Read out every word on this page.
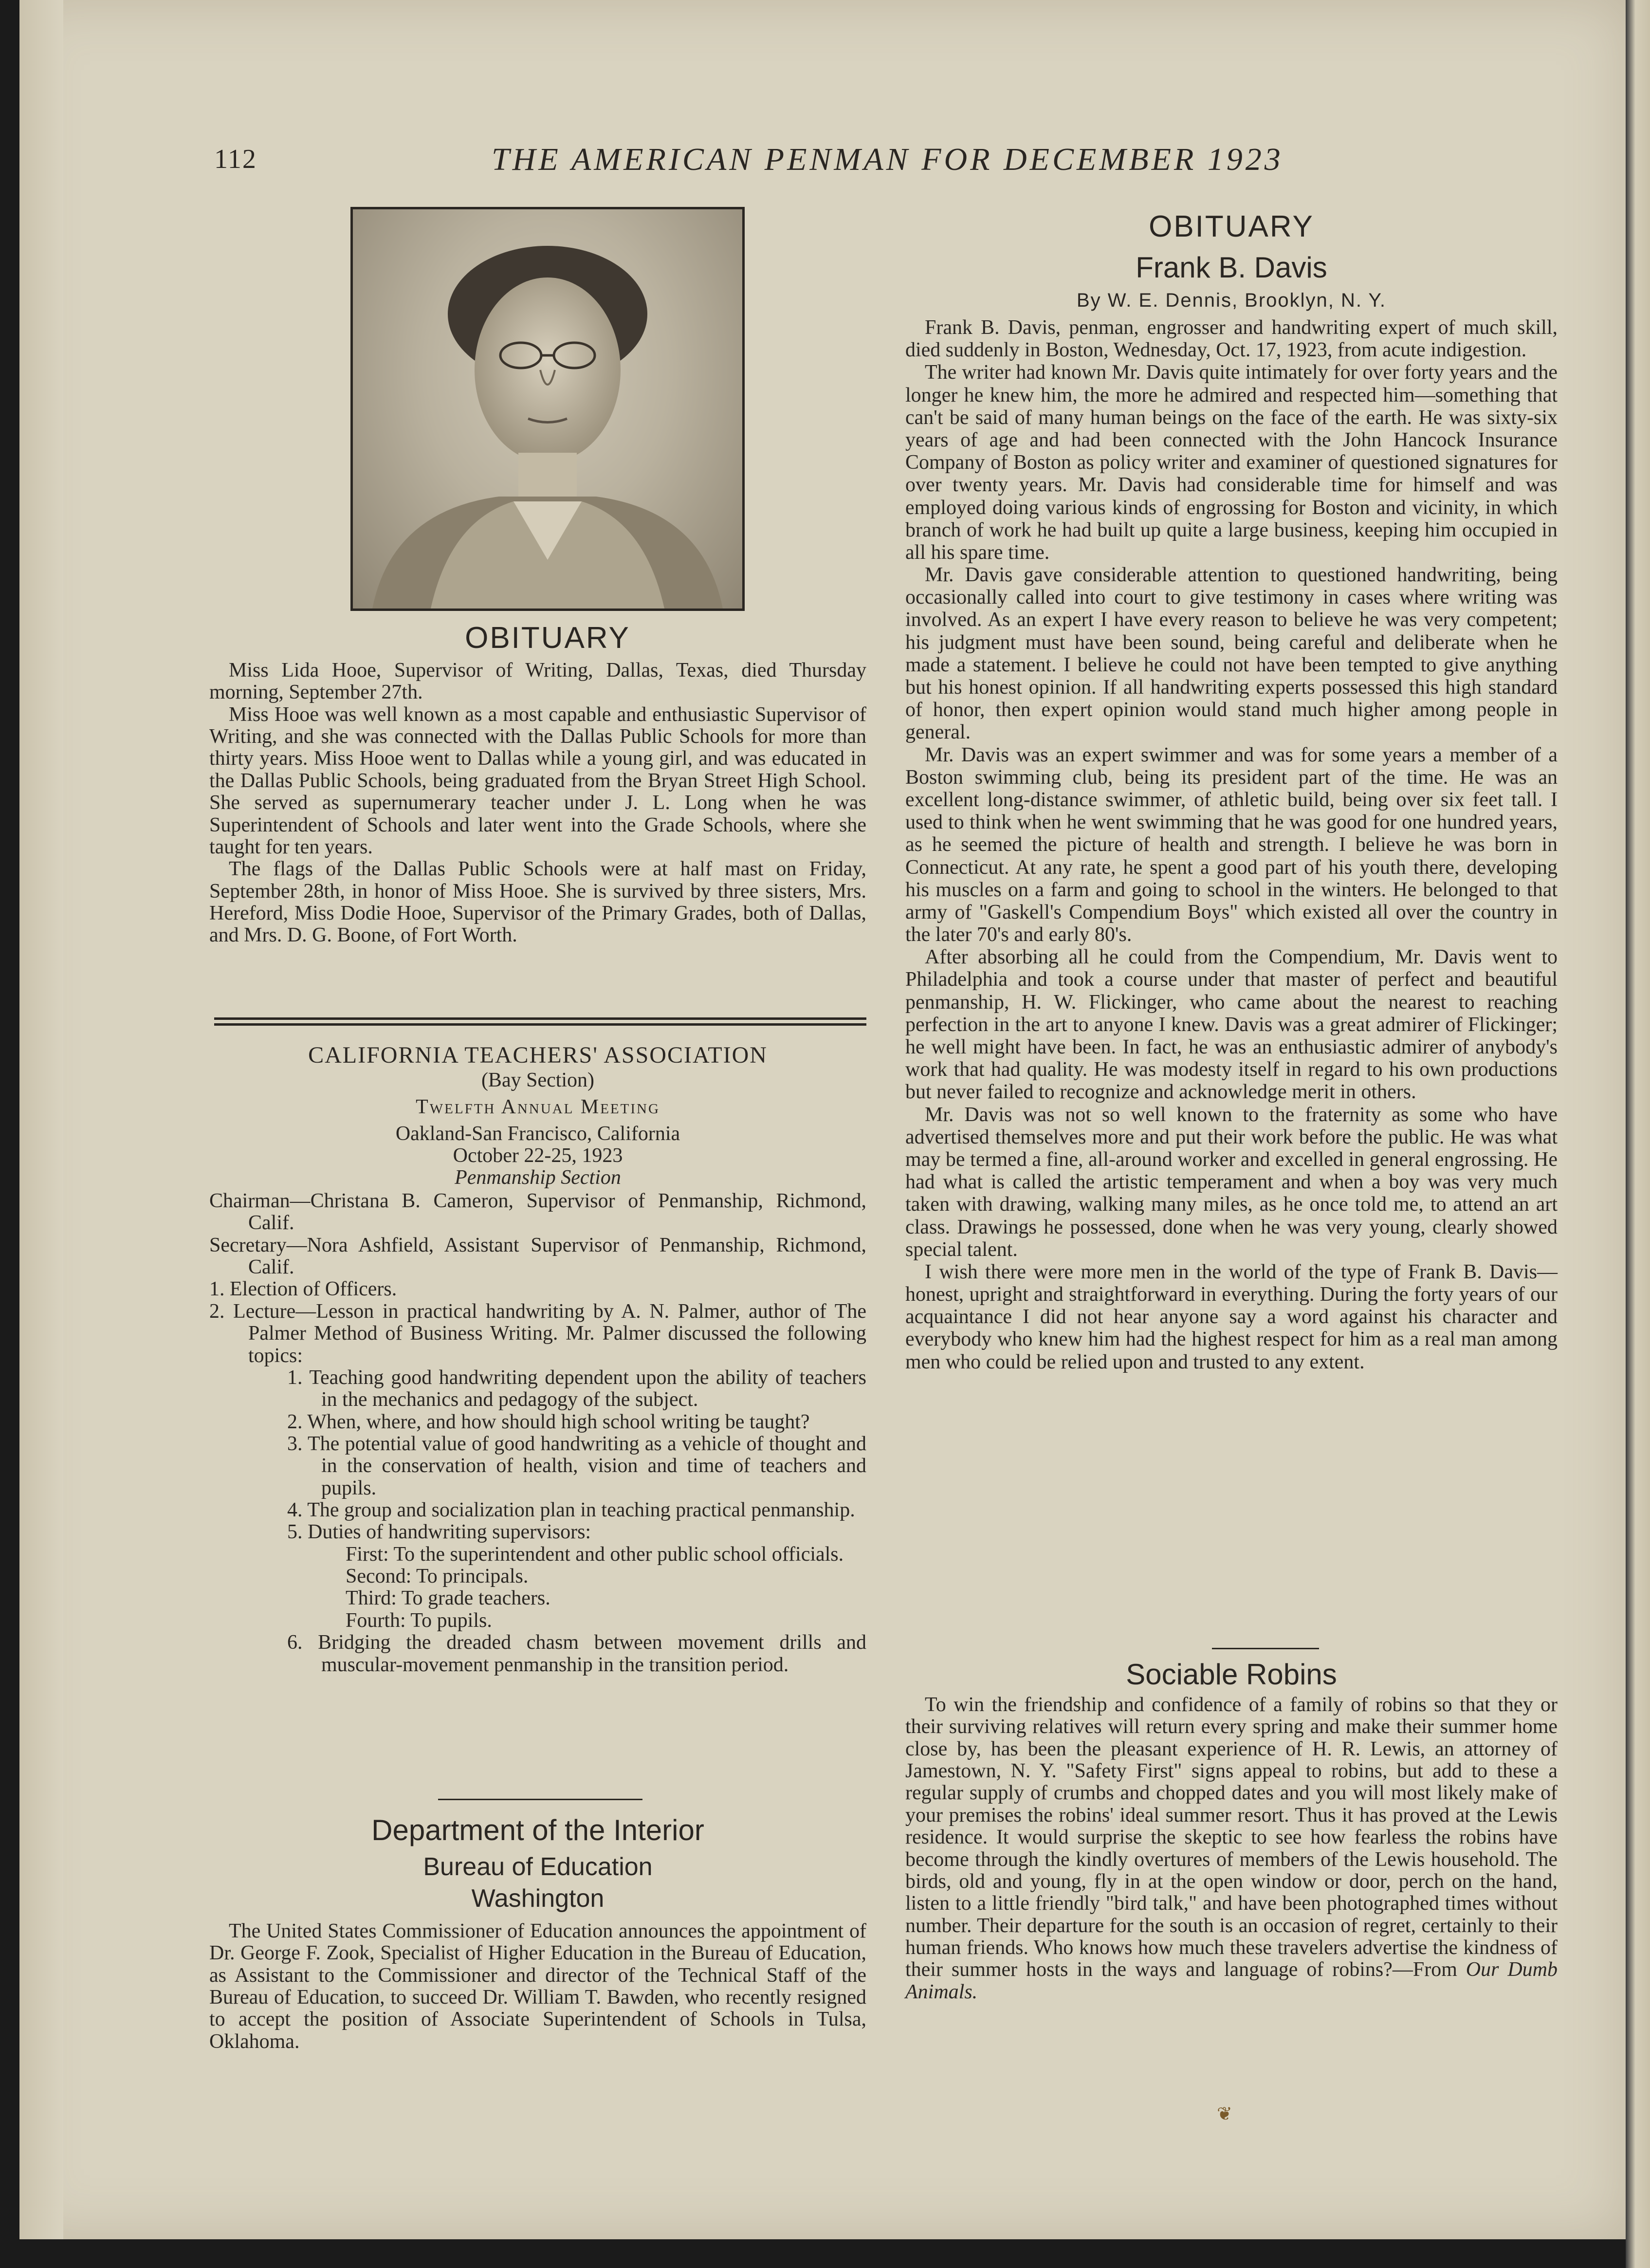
112	THE AMERICAN PENMAN FOR DECEMBER 1923
OBITUARY

Miss Lida Hooe, Supervisor of Writing, Dallas, Texas, died Thursday morning, September 27th.

Miss Hooe was well known as a most capable and enthusiastic Supervisor of Writing, and she was connected with the Dallas Public Schools for more than thirty years. Miss Hooe went to Dallas while a young girl, and was educated in the Dallas Public Schools, being graduated from the Bryan Street High School. She served as supernumerary teacher under J. L. Long when he was Superintendent of Schools and later went into the Grade Schools, where she taught for ten years.

The flags of the Dallas Public Schools were at half mast on Friday, September 28th, in honor of Miss Hooe. She is survived by three sisters, Mrs. Hereford, Miss Dodie Hooe, Supervisor of the Primary Grades, both of Dallas, and Mrs. D. G. Boone, of Fort Worth.

CALIFORNIA TEACHERS' ASSOCIATION
(Bay Section)
Twelfth Annual Meeting
Oakland-San Francisco, California
October 22-25, 1923
Penmanship Section

Chairman—Christana B. Cameron, Supervisor of Penmanship, Richmond, Calif.

Secretary—Nora Ashfield, Assistant Supervisor of Penmanship, Richmond, Calif.

1. Election of Officers.

2. Lecture—Lesson in practical handwriting by A. N. Palmer, author of The Palmer Method of Business Writing. Mr. Palmer discussed the following topics:

1. Teaching good handwriting dependent upon the ability of teachers in the mechanics and pedagogy of the subject.

2. When, where, and how should high school writing be taught?

3. The potential value of good handwriting as a vehicle of thought and in the conservation of health, vision and time of teachers and pupils.

4. The group and socialization plan in teaching practical penmanship.

5. Duties of handwriting supervisors:

First: To the superintendent and other public school officials.

Second: To principals.

Third: To grade teachers.

Fourth: To pupils.

6. Bridging the dreaded chasm between movement drills and muscular-movement penmanship in the transition period.

Department of the Interior
Bureau of Education
Washington

The United States Commissioner of Education announces the appointment of Dr. George F. Zook, Specialist of Higher Education in the Bureau of Education, as Assistant to the Commissioner and director of the Technical Staff of the Bureau of Education, to succeed Dr. William T. Bawden, who recently resigned to accept the position of Associate Superintendent of Schools in Tulsa, Oklahoma.

OBITUARY
Frank B. Davis
By W. E. Dennis, Brooklyn, N. Y.

Frank B. Davis, penman, engrosser and handwriting expert of much skill, died suddenly in Boston, Wednesday, Oct. 17, 1923, from acute indigestion.

The writer had known Mr. Davis quite intimately for over forty years and the longer he knew him, the more he admired and respected him—something that can't be said of many human beings on the face of the earth. He was sixty-six years of age and had been connected with the John Hancock Insurance Company of Boston as policy writer and examiner of questioned signatures for over twenty years. Mr. Davis had considerable time for himself and was employed doing various kinds of engrossing for Boston and vicinity, in which branch of work he had built up quite a large business, keeping him occupied in all his spare time.

Mr. Davis gave considerable attention to questioned handwriting, being occasionally called into court to give testimony in cases where writing was involved. As an expert I have every reason to believe he was very competent; his judgment must have been sound, being careful and deliberate when he made a statement. I believe he could not have been tempted to give anything but his honest opinion. If all handwriting experts possessed this high standard of honor, then expert opinion would stand much higher among people in general.

Mr. Davis was an expert swimmer and was for some years a member of a Boston swimming club, being its president part of the time. He was an excellent long-distance swimmer, of athletic build, being over six feet tall. I used to think when he went swimming that he was good for one hundred years, as he seemed the picture of health and strength. I believe he was born in Connecticut. At any rate, he spent a good part of his youth there, developing his muscles on a farm and going to school in the winters. He belonged to that army of "Gaskell's Compendium Boys" which existed all over the country in the later 70's and early 80's.

After absorbing all he could from the Compendium, Mr. Davis went to Philadelphia and took a course under that master of perfect and beautiful penmanship, H. W. Flickinger, who came about the nearest to reaching perfection in the art to anyone I knew. Davis was a great admirer of Flickinger; he well might have been. In fact, he was an enthusiastic admirer of anybody's work that had quality. He was modesty itself in regard to his own productions but never failed to recognize and acknowledge merit in others.

Mr. Davis was not so well known to the fraternity as some who have advertised themselves more and put their work before the public. He was what may be termed a fine, all-around worker and excelled in general engrossing. He had what is called the artistic temperament and when a boy was very much taken with drawing, walking many miles, as he once told me, to attend an art class. Drawings he possessed, done when he was very young, clearly showed special talent.

I wish there were more men in the world of the type of Frank B. Davis—honest, upright and straightforward in everything. During the forty years of our acquaintance I did not hear anyone say a word against his character and everybody who knew him had the highest respect for him as a real man among men who could be relied upon and trusted to any extent.

Sociable Robins

To win the friendship and confidence of a family of robins so that they or their surviving relatives will return every spring and make their summer home close by, has been the pleasant experience of H. R. Lewis, an attorney of Jamestown, N. Y. "Safety First" signs appeal to robins, but add to these a regular supply of crumbs and chopped dates and you will most likely make of your premises the robins' ideal summer resort. Thus it has proved at the Lewis residence. It would surprise the skeptic to see how fearless the robins have become through the kindly overtures of members of the Lewis household. The birds, old and young, fly in at the open window or door, perch on the hand, listen to a little friendly "bird talk," and have been photographed times without number. Their departure for the south is an occasion of regret, certainly to their human friends. Who knows how much these travelers advertise the kindness of their summer hosts in the ways and language of robins?—From Our Dumb Animals.

❦
